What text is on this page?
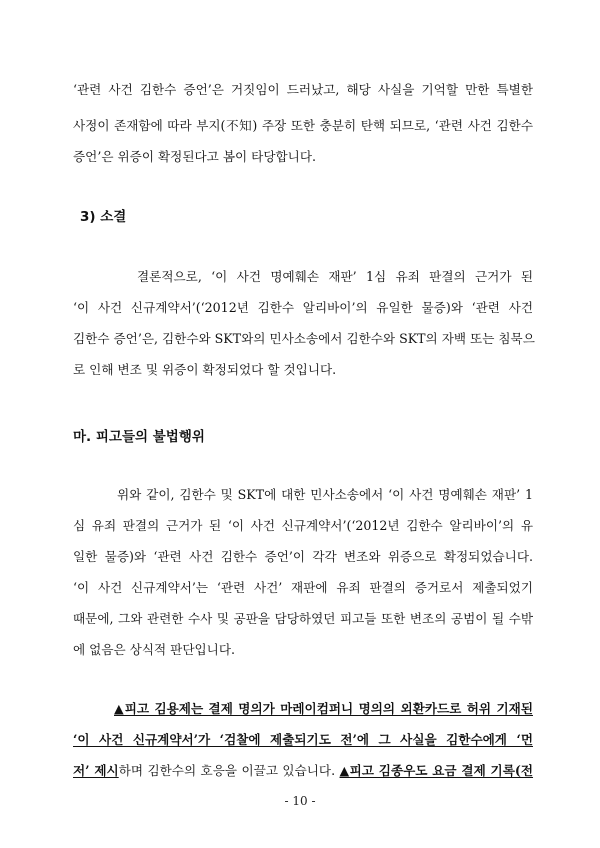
‘관련 사건 김한수 증언’은 거짓임이 드러났고, 해당 사실을 기억할 만한 특별한
사정이 존재함에 따라 부지(不知) 주장 또한 충분히 탄핵 되므로, ‘관련 사건 김한수
증언’은 위증이 확정된다고 봄이 타당합니다.
3) 소결
결론적으로, ‘이 사건 명예훼손 재판’ 1심 유죄 판결의 근거가 된
‘이 사건 신규계약서’(‘2012년 김한수 알리바이’의 유일한 물증)와 ‘관련 사건
김한수 증언’은, 김한수와 SKT와의 민사소송에서 김한수와 SKT의 자백 또는 침묵으
로 인해 변조 및 위증이 확정되었다 할 것입니다.
마. 피고들의 불법행위
위와 같이, 김한수 및 SKT에 대한 민사소송에서 ‘이 사건 명예훼손 재판’ 1
심 유죄 판결의 근거가 된 ‘이 사건 신규계약서’(‘2012년 김한수 알리바이’의 유
일한 물증)와 ‘관련 사건 김한수 증언’이 각각 변조와 위증으로 확정되었습니다.
‘이 사건 신규계약서’는 ‘관련 사건’ 재판에 유죄 판결의 증거로서 제출되었기
때문에, 그와 관련한 수사 및 공판을 담당하였던 피고들 또한 변조의 공범이 될 수밖
에 없음은 상식적 판단입니다.
▲피고 김용제는 결제 명의가 마레이컴퍼니 명의의 외환카드로 허위 기재된
‘이 사건 신규계약서’가 ‘검찰에 제출되기도 전’에 그 사실을 김한수에게 ‘먼
저’ 제시하며 김한수의 호응을 이끌고 있습니다. ▲피고 김종우도 요금 결제 기록(전
- 10 -
